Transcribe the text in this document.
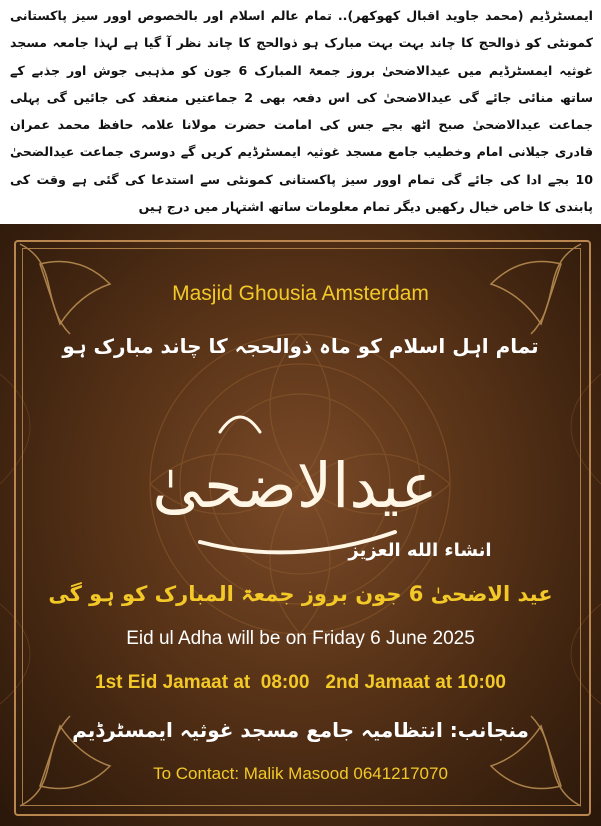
ایمسٹرڈیم (محمد جاوید اقبال کھوکھر).. تمام عالم اسلام اور بالخصوص اوور سیز پاکستانی کمونٹی کو ذوالحج کا چاند بہت بہت مبارک ہو ذوالحج کا چاند نظر آ گیا ہے لہذا جامعہ مسجد غوثیہ ایمسٹرڈیم میں عیدالاضحیٰ بروز جمعۃ المبارک 6 جون کو مذہبی جوش اور جذبے کے ساتھ منائی جائے گی عیدالاضحیٰ کی اس دفعہ بھی 2 جماعتیں منعقد کی جائیں گی پہلی جماعت عیدالاضحیٰ صبح اٹھ بجے جس کی امامت حضرت مولانا علامہ حافظ محمد عمران قادری جیلانی امام وخطیب جامع مسجد غوثیہ ایمسٹرڈیم کریں گے دوسری جماعت عیدالضحیٰ 10 بجے ادا کی جائے گی تمام اوور سیز پاکستانی کمونٹی سے استدعا کی گئی ہے وقت کی پابندی کا خاص خیال رکھیں دیگر تمام معلومات ساتھ اشتہار میں درج ہیں
Masjid Ghousia Amsterdam
تمام اہل اسلام کو ماہ ذوالحجہ کا چاند مبارک ہو
عیدالاضحیٰ
انشاء الله العزيز
عید الاضحیٰ 6 جون بروز جمعۃ المبارک کو ہو گی
Eid ul Adha will be on Friday 6 June 2025
1st Eid Jamaat at  08:00 2nd Jamaat at 10:00
منجانب: انتظامیہ جامع مسجد غوثیہ ایمسٹرڈیم
To Contact: Malik Masood 0641217070
